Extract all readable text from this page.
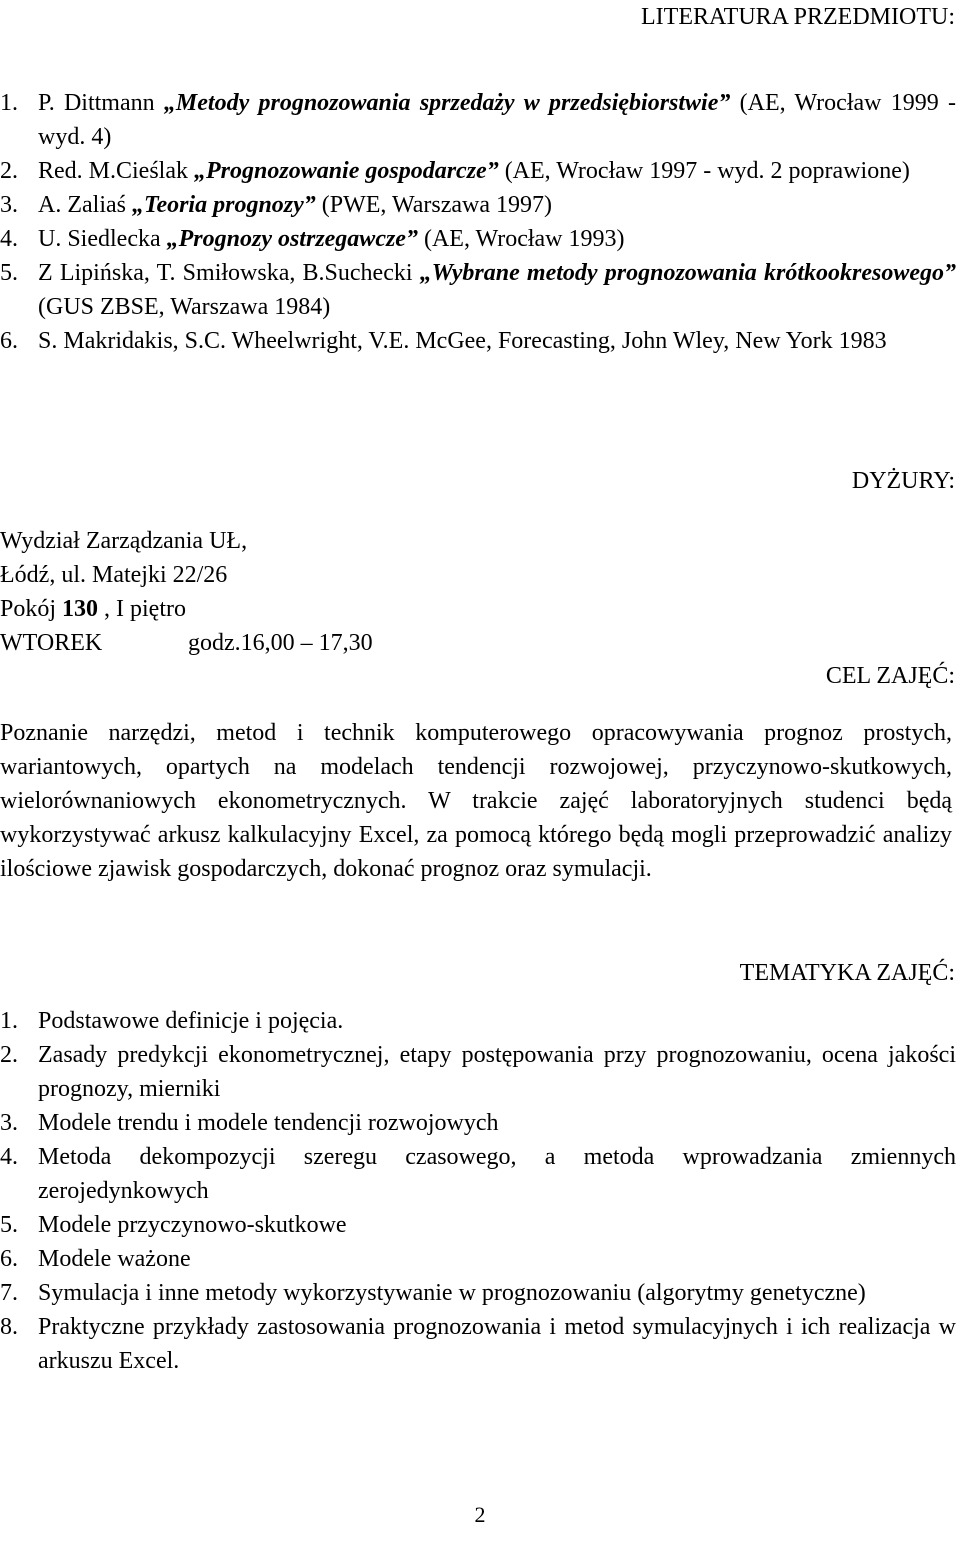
LITERATURA PRZEDMIOTU:
1. P. Dittmann „Metody prognozowania sprzedaży w przedsiębiorstwie” (AE, Wrocław 1999 - wyd. 4)
2. Red. M.Cieślak „Prognozowanie gospodarcze” (AE, Wrocław 1997 - wyd. 2 poprawione)
3. A. Zaliaś „Teoria prognozy” (PWE, Warszawa 1997)
4. U. Siedlecka „Prognozy ostrzegawcze” (AE, Wrocław 1993)
5. Z Lipińska, T. Smiłowska, B.Suchecki „Wybrane metody prognozowania krótkookresowego” (GUS ZBSE, Warszawa 1984)
6. S. Makridakis, S.C. Wheelwright, V.E. McGee, Forecasting, John Wley, New York 1983
DYŻURY:
Wydział Zarządzania UŁ,
Łódź, ul. Matejki 22/26
Pokój 130 , I piętro
WTOREK	godz.16,00 – 17,30
CEL ZAJĘĆ:
Poznanie narzędzi, metod i technik komputerowego opracowywania prognoz prostych, wariantowych, opartych na modelach tendencji rozwojowej, przyczynowo-skutkowych, wielorównaniowych ekonometrycznych. W trakcie zajęć laboratoryjnych studenci będą wykorzystywać arkusz kalkulacyjny Excel, za pomocą którego będą mogli przeprowadzić analizy ilościowe zjawisk gospodarczych, dokonać prognoz oraz symulacji.
TEMATYKA ZAJĘĆ:
1. Podstawowe definicje i pojęcia.
2. Zasady predykcji ekonometrycznej, etapy postępowania przy prognozowaniu, ocena jakości prognozy, mierniki
3. Modele trendu i modele tendencji rozwojowych
4. Metoda dekompozycji szeregu czasowego, a metoda wprowadzania zmiennych zerojedynkowych
5. Modele przyczynowo-skutkowe
6. Modele ważone
7. Symulacja i inne metody wykorzystywanie w prognozowaniu (algorytmy genetyczne)
8. Praktyczne przykłady zastosowania prognozowania i metod symulacyjnych i ich realizacja w arkuszu Excel.
2
